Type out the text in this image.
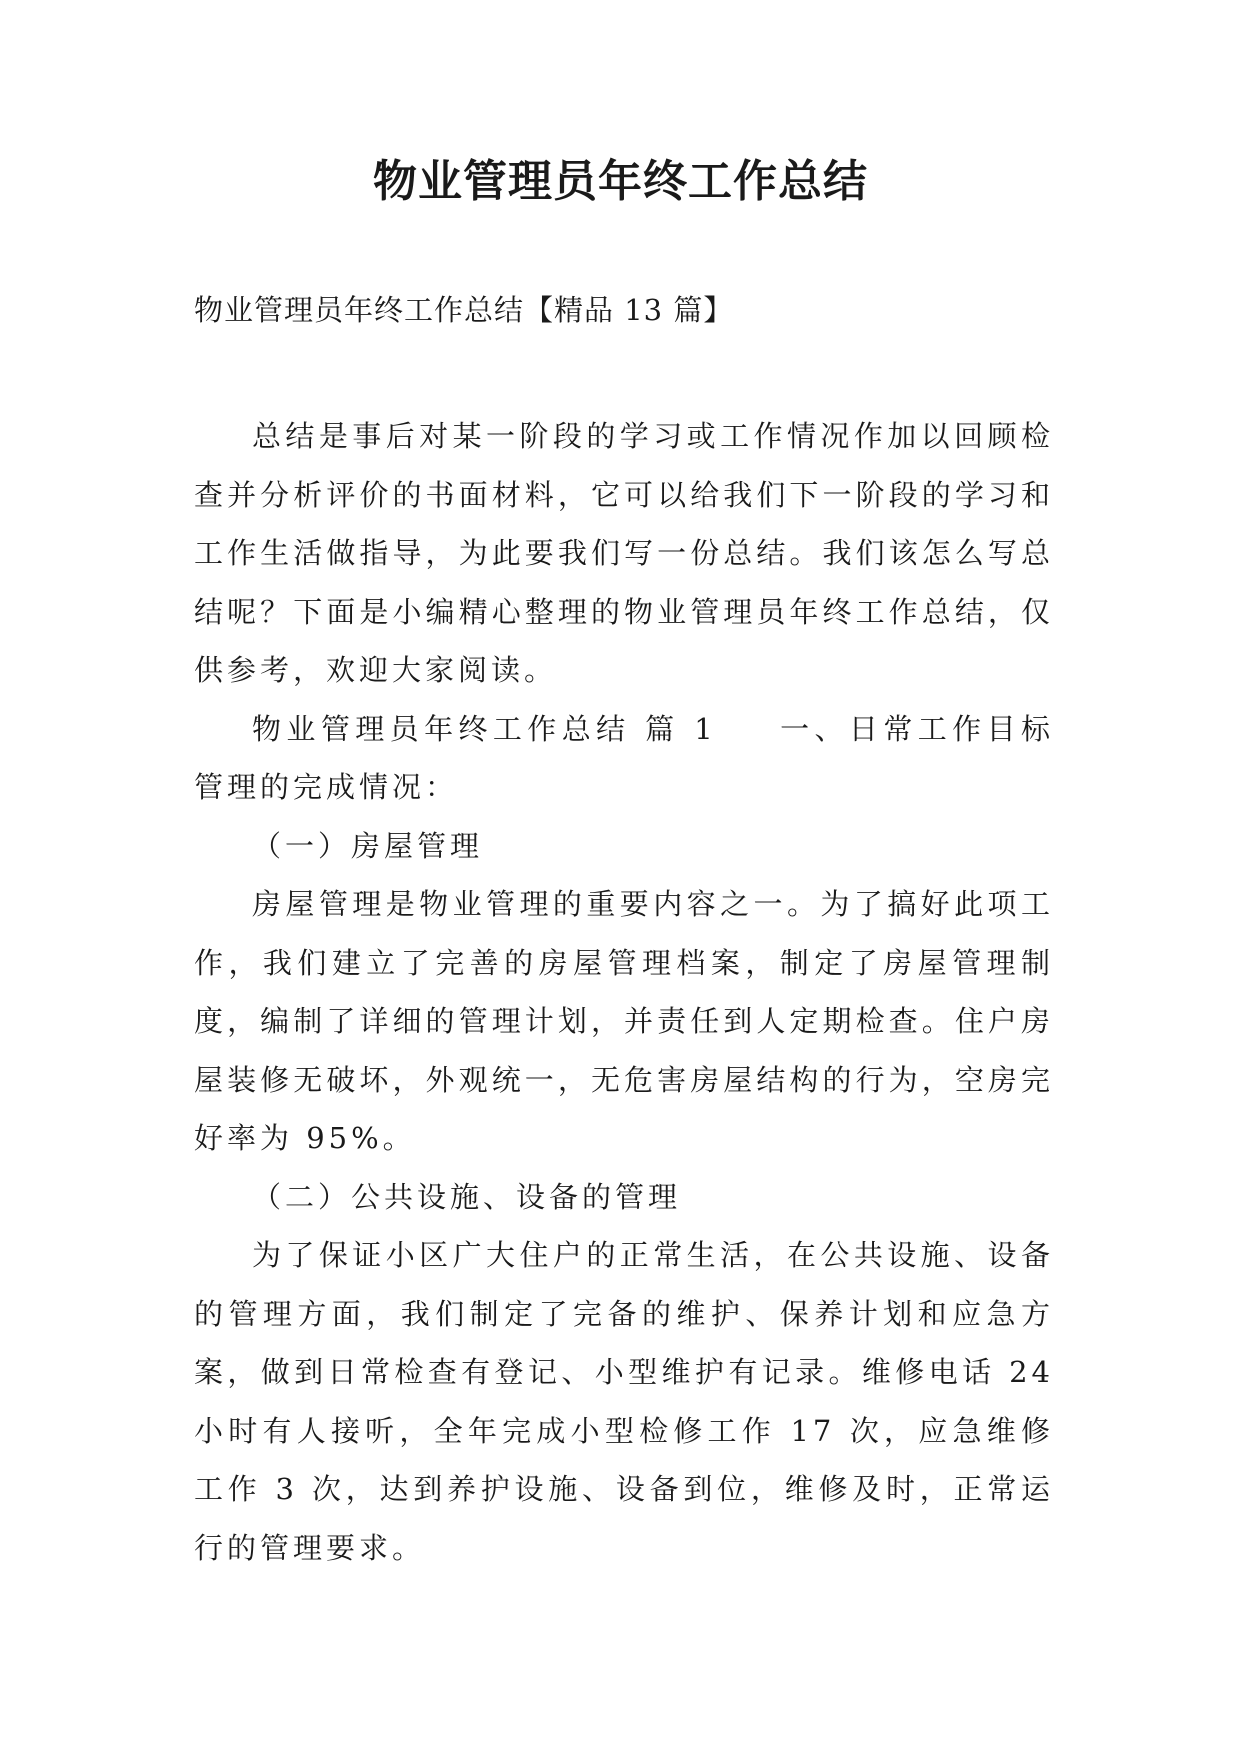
物业管理员年终工作总结
物业管理员年终工作总结【精品 13 篇】

总结是事后对某一阶段的学习或工作情况作加以回顾检查并分析评价的书面材料，它可以给我们下一阶段的学习和工作生活做指导，为此要我们写一份总结。我们该怎么写总结呢？下面是小编精心整理的物业管理员年终工作总结，仅供参考，欢迎大家阅读。

物业管理员年终工作总结 篇 1 一、日常工作目标管理的完成情况：

（一）房屋管理

房屋管理是物业管理的重要内容之一。为了搞好此项工作，我们建立了完善的房屋管理档案，制定了房屋管理制度，编制了详细的管理计划，并责任到人定期检查。住户房屋装修无破坏，外观统一，无危害房屋结构的行为，空房完好率为 95%。

（二）公共设施、设备的管理

为了保证小区广大住户的正常生活，在公共设施、设备的管理方面，我们制定了完备的维护、保养计划和应急方案，做到日常检查有登记、小型维护有记录。维修电话 24 小时有人接听，全年完成小型检修工作 17 次，应急维修工作 3 次，达到养护设施、设备到位，维修及时，正常运行的管理要求。
